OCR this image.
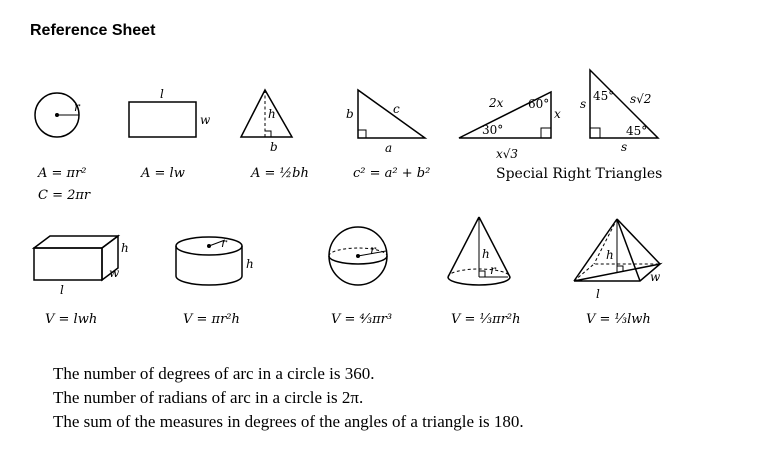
Reference Sheet
r
l
w	h
b
b	c
a
2x 60°
x
30°
x√3
s
45° s√2
45°
s
h
w
l
r
h
r	h
r
h
w
l
A = πr²
C = 2πr
A = lw	A = ½bh	c² = a² + b²	Special Right Triangles
V = lwh	V = πr²h	V = ⁴⁄₃πr³	V = ⅓πr²h	V = ⅓lwh
The number of degrees of arc in a circle is 360.
The number of radians of arc in a circle is 2π.
The sum of the measures in degrees of the angles of a triangle is 180.
